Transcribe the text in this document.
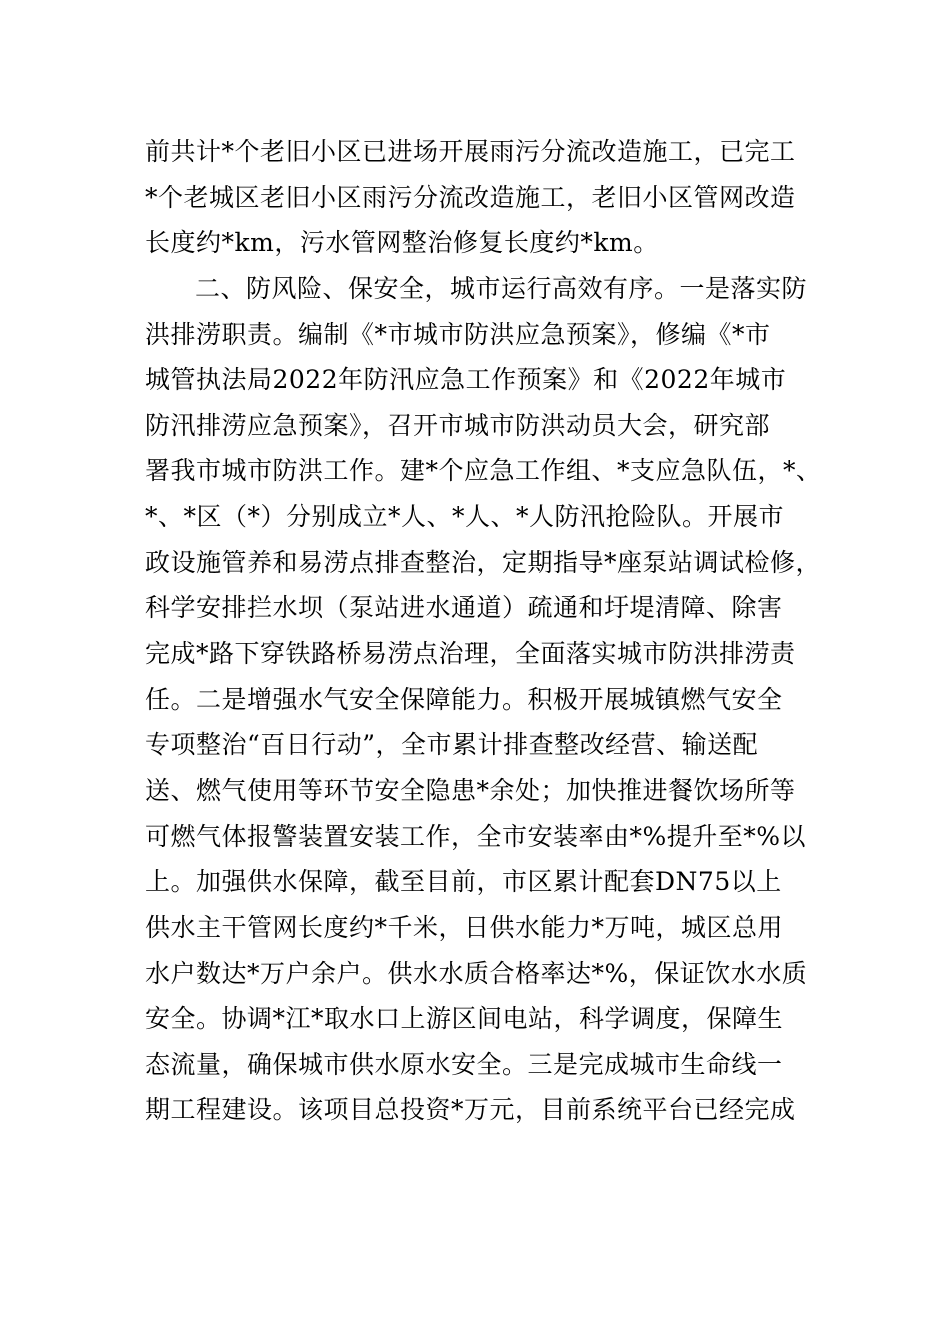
前共计*个老旧小区已进场开展雨污分流改造施工，已完工
*个老城区老旧小区雨污分流改造施工，老旧小区管网改造
长度约*km，污水管网整治修复长度约*km。
二、防风险、保安全，城市运行高效有序。一是落实防
洪排涝职责。编制《*市城市防洪应急预案》，修编《*市
城管执法局2022年防汛应急工作预案》和《2022年城市
防汛排涝应急预案》，召开市城市防洪动员大会，研究部
署我市城市防洪工作。建*个应急工作组、*支应急队伍，*、
*、*区（*）分别成立*人、*人、*人防汛抢险队。开展市
政设施管养和易涝点排查整治，定期指导*座泵站调试检修，
科学安排拦水坝（泵站进水通道）疏通和圩堤清障、除害
完成*路下穿铁路桥易涝点治理，全面落实城市防洪排涝责
任。二是增强水气安全保障能力。积极开展城镇燃气安全
专项整治“百日行动”，全市累计排查整改经营、输送配
送、燃气使用等环节安全隐患*余处；加快推进餐饮场所等
可燃气体报警装置安装工作，全市安装率由*%提升至*%以
上。加强供水保障，截至目前，市区累计配套DN75以上
供水主干管网长度约*千米，日供水能力*万吨，城区总用
水户数达*万户余户。供水水质合格率达*%，保证饮水水质
安全。协调*江*取水口上游区间电站，科学调度，保障生
态流量，确保城市供水原水安全。三是完成城市生命线一
期工程建设。该项目总投资*万元，目前系统平台已经完成
